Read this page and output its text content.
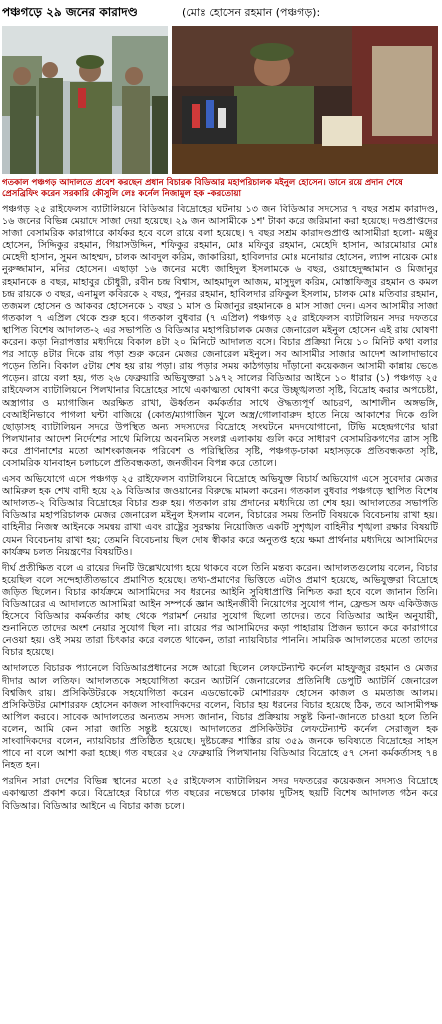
পঞ্চগড়ে ২৯ জনের কারাদণ্ড	(মোঃ হোসেন রহমান (পঞ্চগড়):
গতকাল পঞ্চগড় আদালতে প্রবেশ করছেন প্রধান বিচারক বিডিআর মহাপরিচালক মইনুল হোসেন। ডানে রয়ে প্রদান শেষে প্রেসব্রিফিং করেন সরকারি কৌসুলি লেঃ কর্নেল নিজামুল হক -করতোয়া

পঞ্চগড় ২৫ রাইফেলস ব্যাটালিয়নে বিডিআর বিদ্রোহের ঘটনায় ১৩ জন বিডিআর সদস্যের ৭ বছর সশ্রম কারাদণ্ড, ১৬ জনের বিভিন্ন মেয়াদে সাজা দেয়া হয়েছে। ২৯ জন আসামীকে ১শ' টাকা করে জরিমানা করা হয়েছে। দণ্ডপ্রাপ্তদের সাজা বেসামরিক কারাগারে কার্যকর হবে বলে রায়ে বলা হয়েছে। ৭ বছর সশ্রম কারাদণ্ডপ্রাপ্ত আসামীরা হলো- মঞ্জুর হোসেন, সিদ্দিকুর রহমান, গিয়াসউদ্দিন, শফিকুর রহমান, মোঃ মফিবুর রহমান, মেহেদি হাসান, আরমোয়ার মোঃ মেহেদী হাসান, সুমন আহম্মদ, চালক আবদুল করিম, জাকারিয়া, হাবিলদার মোঃ মনোয়ার হোসেন, ল্যান্স নায়েক মোঃ নুরুজ্জামান, মনির হোসেন। এছাড়া ১৬ জনের মধ্যে জাহিদুল ইসলামকে ৬ বছর, ওয়াহেদুজ্জামান ও মিজানুর রহমানকে ৪ বছর, মাহাবুর চৌধুরী, রবীন চন্দ্র বিশ্বাস, আহমাদুল আজম, মাসুদুল করিম, মোস্তাফিজুর রহমান ও কমল চন্দ্র রায়কে ৩ বছর, এনামুল কবিরকে ২ বছর, পুনরর রহমান, হাবিলদার রফিকুল ইসলাম, চালক মোঃ মতিবার রহমান, তজমল হোসেন ও আকবর হোসেনকে ১ বছর ১ মাস ও মিজানুর রহমানকে ৪ মাস সাজা দেন। এসব আসামীর সাজা গতকাল ৭ এপ্রিল থেকে শুরু হবে। গতকাল বুধবার (৭ এপ্রিল) পঞ্চগড় ২৫ রাইফেলস ব্যাটালিয়ন সদর দফতরে স্থাপিত বিশেষ আদালত-২ এর সভাপতি ও বিডিআর মহাপরিচালক মেজর জেনারেল মইনুল হোসেন এই রায় ঘোষণা করেন। কড়া নিরাপত্তার মধ্যদিয়ে বিকাল ৪টা ২০ মিনিটে আদালত বসে। বিচার প্রক্রিয়া নিয়ে ১০ মিনিট কথা বলার পর সাড়ে ৪টার দিকে রায় পড়া শুরু করেন মেজর জেনারেল মইনুল। সব আসামীর সাজার আদেশ আলাদাভাবে পড়েন তিনি। বিকাল ৫টায় শেষ হয় রায় পড়া। রায় পড়ার সময় কাঠগড়ায় দাঁড়ানো কয়েকজন আসামী কান্নায় ভেঙে পড়েন। রায়ে বলা হয়, গত ২৬ ফেব্রুয়ারি অভিযুক্তরা ১৯৭২ সালের বিডিআর আইনে ১০ ধারার (১) পঞ্চগড় ২৫ রাইফেলস ব্যাটালিয়নে পিলখানার বিদ্রোহের সাথে একাত্মতা ঘোষণা করে উচ্ছৃঙ্খলতা সৃষ্টি, বিদ্রোহ করার অপচেষ্টা, অস্ত্রাগার ও ম্যাগাজিন অরক্ষিত রাখা, ঊর্ধ্বতন কর্মকর্তার সাথে ঔদ্ধত্যপূর্ণ আচরণ, আশালীন অঙ্গভঙ্গি, বেআইনিভাবে পাগলা ঘন্টা বাজিয়ে (কোত/ম্যাগাজিন খুলে অস্ত্র/গোলাবারুদ হাতে নিয়ে আকাশের দিকে গুলি ছোড়াসহ ব্যাটালিয়ন সদরে উপস্থিত অন্য সদস্যদের বিদ্রোহে সংঘটনে মদদযোগানো, টিভি মহেন্দ্রগণের দ্বারা পিলখানার আদেশ নির্দেশের সাথে মিলিয়ে অবনমিত সংলগ্ন এলাকায় গুলি করে সাধারণ বেসামরিকগণের ত্রাস সৃষ্টি করে প্রাণনাশের মতো আশংকাজনক পরিবেশ ও পরিস্থিতির সৃষ্টি, পঞ্চগড়-ঢাকা মহাসড়কে প্রতিবন্ধকতা সৃষ্টি, বেসামরিক যানবাহন চলাচলে প্রতিবন্ধকতা, জনজীবন বিপন্ন করে তোলে।

এসব অভিযোগে এসে পঞ্চগড় ২৫ রাইফেলস ব্যাটালিয়নে বিদ্রোহে অভিযুক্ত বিচার্য অভিযোগ এসে সুবেদার মেজর আমিরুল হক শেখ বাদী হয়ে ২৯ বিডিআর জওয়ানের বিরুদ্ধে মামলা করেন। গতকাল বুধবার পঞ্চগড়ে স্থাপিত বিশেষ আদালত-২ বিডিআর বিদ্রোহের বিচার শুরু হয়। গতকাল রায় প্রদানের মধ্যদিয়ে তা শেষ হয়। আদালতের সভাপতি বিডিআর মহাপরিচালক মেজর জেনারেল মইনুল ইসলাম বলেন, বিচারের সময় তিনটি বিষয়কে বিবেচনায় রাখা হয়। বাহিনীর নিজস্ব আইনকে সমন্বয় রাখা এবং রাষ্ট্রের সুরক্ষায় নিয়োজিত একটি সুশৃঙ্খল বাহিনীর শৃঙ্খলা রক্ষার বিষয়টি যেমন বিবেচনায় রাখা হয়; তেমনি বিবেচনায় ছিল দোষ স্বীকার করে অনুতপ্ত হয়ে ক্ষমা প্রার্থনার মধ্যদিয়ে আসামিদের কার্যক্রম চলত নিয়ন্ত্রণের বিষয়টিও।

দীর্ঘ প্রতীক্ষিত বলে এ রায়ের দিনটি উল্লেখযোগ্য হয়ে থাকবে বলে তিনি মন্তব্য করেন। আদালতগুলোয় বলেন, বিচার হয়েছিল বলে সন্দেহাতীতভাবে প্রমাণিত হয়েছে। তথ্য-প্রমাণের ভিত্তিতে এটাও প্রমাণ হয়েছে, অভিযুক্তরা বিদ্রোহে জড়িত ছিলেন। বিচার কার্যক্রমে আসামিদের সব ধরনের আইনি সুবিধাপ্রাপ্তি নিশ্চিত করা হবে বলে জানান তিনি। বিডিআরের এ আদালতে আসামিরা আইন সম্পর্কে জ্ঞান আইনজীবী নিয়োগের সুযোগ পান, ফ্রেন্ডস অফ একিউজড হিসেবে বিডিআর কর্মকর্তার কাছ থেকে পরামর্শ নেয়ার সুযোগ ছিলো তাদের। তবে বিডিআর আইন অনুযায়ী, শুনানিতে তাদের অংশ নেয়ার সুযোগ ছিল না। রায়ের পর আসামিদের কড়া পাহারায় প্রিজন ভ্যানে করে কারাগারে নেওয়া হয়। ওই সময় তারা চিৎকার করে বলতে থাকেন, তারা ন্যায়বিচার পাননি। সামরিক আদালতের মতো তাদের বিচার হয়েছে।

আদালতে বিচারক প্যানেলে বিডিআরপ্রধানের সঙ্গে আরো ছিলেন লেফটেন্যান্ট কর্নেল মাহফুজুর রহমান ও মেজর দীদার আল লতিফ। আদালতকে সহযোগিতা করেন অ্যাটর্নি জেনারেলের প্রতিনিধি ডেপুটি অ্যাটর্নি জেনারেল বিশ্বজিৎ রায়। প্রসিকিউটরকে সহযোগিতা করেন এডভোকেট মোশাররফ হোসেন কাজল ও মমতাজ আলম। প্রসিকিউটর মোশাররফ হোসেন কাজল সাংবাদিকদের বলেন, বিচার হয় ধরনের বিচার হয়েছে ঠিক, তবে আসামীপক্ষ আপিল করবে। সাবেক আদালতের অন্যতম সদস্য জানান, বিচার প্রক্রিয়ায় সন্তুষ্ট কিনা-জানতে চাওয়া হলে তিনি বলেন, আমি কেন সারা জাতি সন্তুষ্ট হয়েছে। আদালতের প্রসিকিউটর লেফটেন্যান্ট কর্নেল সেরাজুল হক সাংবাদিকদের বলেন, ন্যায়বিচার প্রতিষ্ঠিত হয়েছে। দুষ্টচক্রের শাস্তির রায় ৩৫৯ জনকে ভবিষ্যতে বিদ্রোহের সাহস পাবে না বলে আশা করা হচ্ছে। গত বছরের ২৫ ফেব্রুয়ারি পিলখানায় বিডিআর বিদ্রোহে ৫৭ সেনা কর্মকর্তাসহ ৭৪ নিহত হন।

পরদিন সারা দেশের বিভিন্ন স্থানের মতো ২৫ রাইফেলস ব্যাটালিয়ন সদর দফতরের কয়েকজন সদস্যও বিদ্রোহে একাত্মতা প্রকাশ করে। বিদ্রোহের বিচারে গত বছরের নভেম্বরে ঢাকায় দুটিসহ ছয়টি বিশেষ আদালত গঠন করে বিডিআর। বিডিআর আইনে এ বিচার কাজ চলে।
